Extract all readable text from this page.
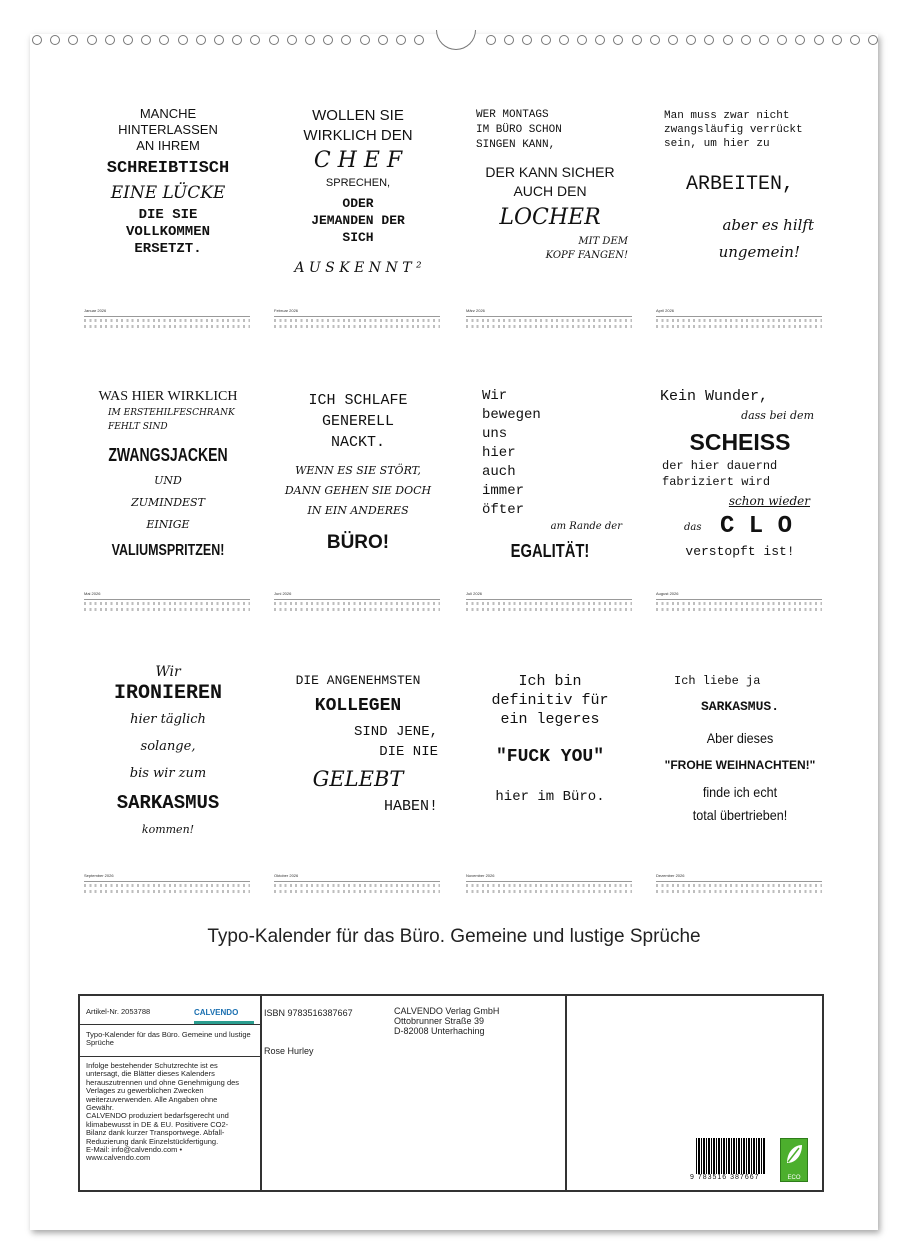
MANCHE
HINTERLASSEN
AN IHREM
SCHREIBTISCH
EINE LÜCKE
DIE SIE
VOLLKOMMEN
ERSETZT.
WOLLEN SIE
WIRKLICH DEN
C H E F
SPRECHEN,
ODER
JEMANDEN DER
SICH
A U S K E N N T ²
WER MONTAGS
IM BÜRO SCHON
SINGEN KANN,
DER KANN SICHER
AUCH DEN
LOCHER
MIT DEM
KOPF FANGEN!
Man muss zwar nicht
zwangsläufig verrückt
sein, um hier zu
ARBEITEN,
aber es hilft
ungemein!
WAS HIER WIRKLICH
IM ERSTEHILFESCHRANK
FEHLT SIND
ZWANGSJACKEN
UND
ZUMINDEST
EINIGE
VALIUMSPRITZEN!
ICH SCHLAFE
GENERELL
NACKT.
WENN ES SIE STÖRT,
DANN GEHEN SIE DOCH
IN EIN ANDERES
BÜRO!
Wir
bewegen
uns
hier
auch
immer
öfter
am Rande der
EGALITÄT!
Kein Wunder,
dass bei dem
SCHEISS
der hier dauernd
fabriziert wird
schon wieder
das C L O
verstopft ist!
Wir
IRONIEREN
hier täglich
solange,
bis wir zum
SARKASMUS
kommen!
DIE ANGENEHMSTEN
KOLLEGEN
SIND JENE,
DIE NIE
GELEBT
HABEN!
Ich bin
definitiv für
ein legeres
"FUCK YOU"
hier im Büro.
Ich liebe ja
SARKASMUS.
Aber dieses
"FROHE WEIHNACHTEN!"
finde ich echt
total übertrieben!
Januar 2026	Februar 2026	März 2026	April 2026
Mai 2026	Juni 2026	Juli 2026	August 2026
September 2026	Oktober 2026	November 2026	Dezember 2026
Typo-Kalender für das Büro. Gemeine und lustige Sprüche
Artikel-Nr. 2053788	CALVENDO
Typo-Kalender für das Büro. Gemeine und lustige Sprüche
Infolge bestehender Schutzrechte ist es
untersagt, die Blätter dieses Kalenders
herauszutrennen und ohne Genehmigung des
Verlages zu gewerblichen Zwecken
weiterzuverwenden. Alle Angaben ohne
Gewähr.
CALVENDO produziert bedarfsgerecht und
klimabewusst in DE & EU. Positivere CO2-
Bilanz dank kurzer Transportwege. Abfall-
Reduzierung dank Einzelstückfertigung.
E-Mail: info@calvendo.com •
www.calvendo.com
ISBN 9783516387667
Rose Hurley
CALVENDO Verlag GmbH
Ottobrunner Straße 39
D-82008 Unterhaching
9 783516 387667	ECO
